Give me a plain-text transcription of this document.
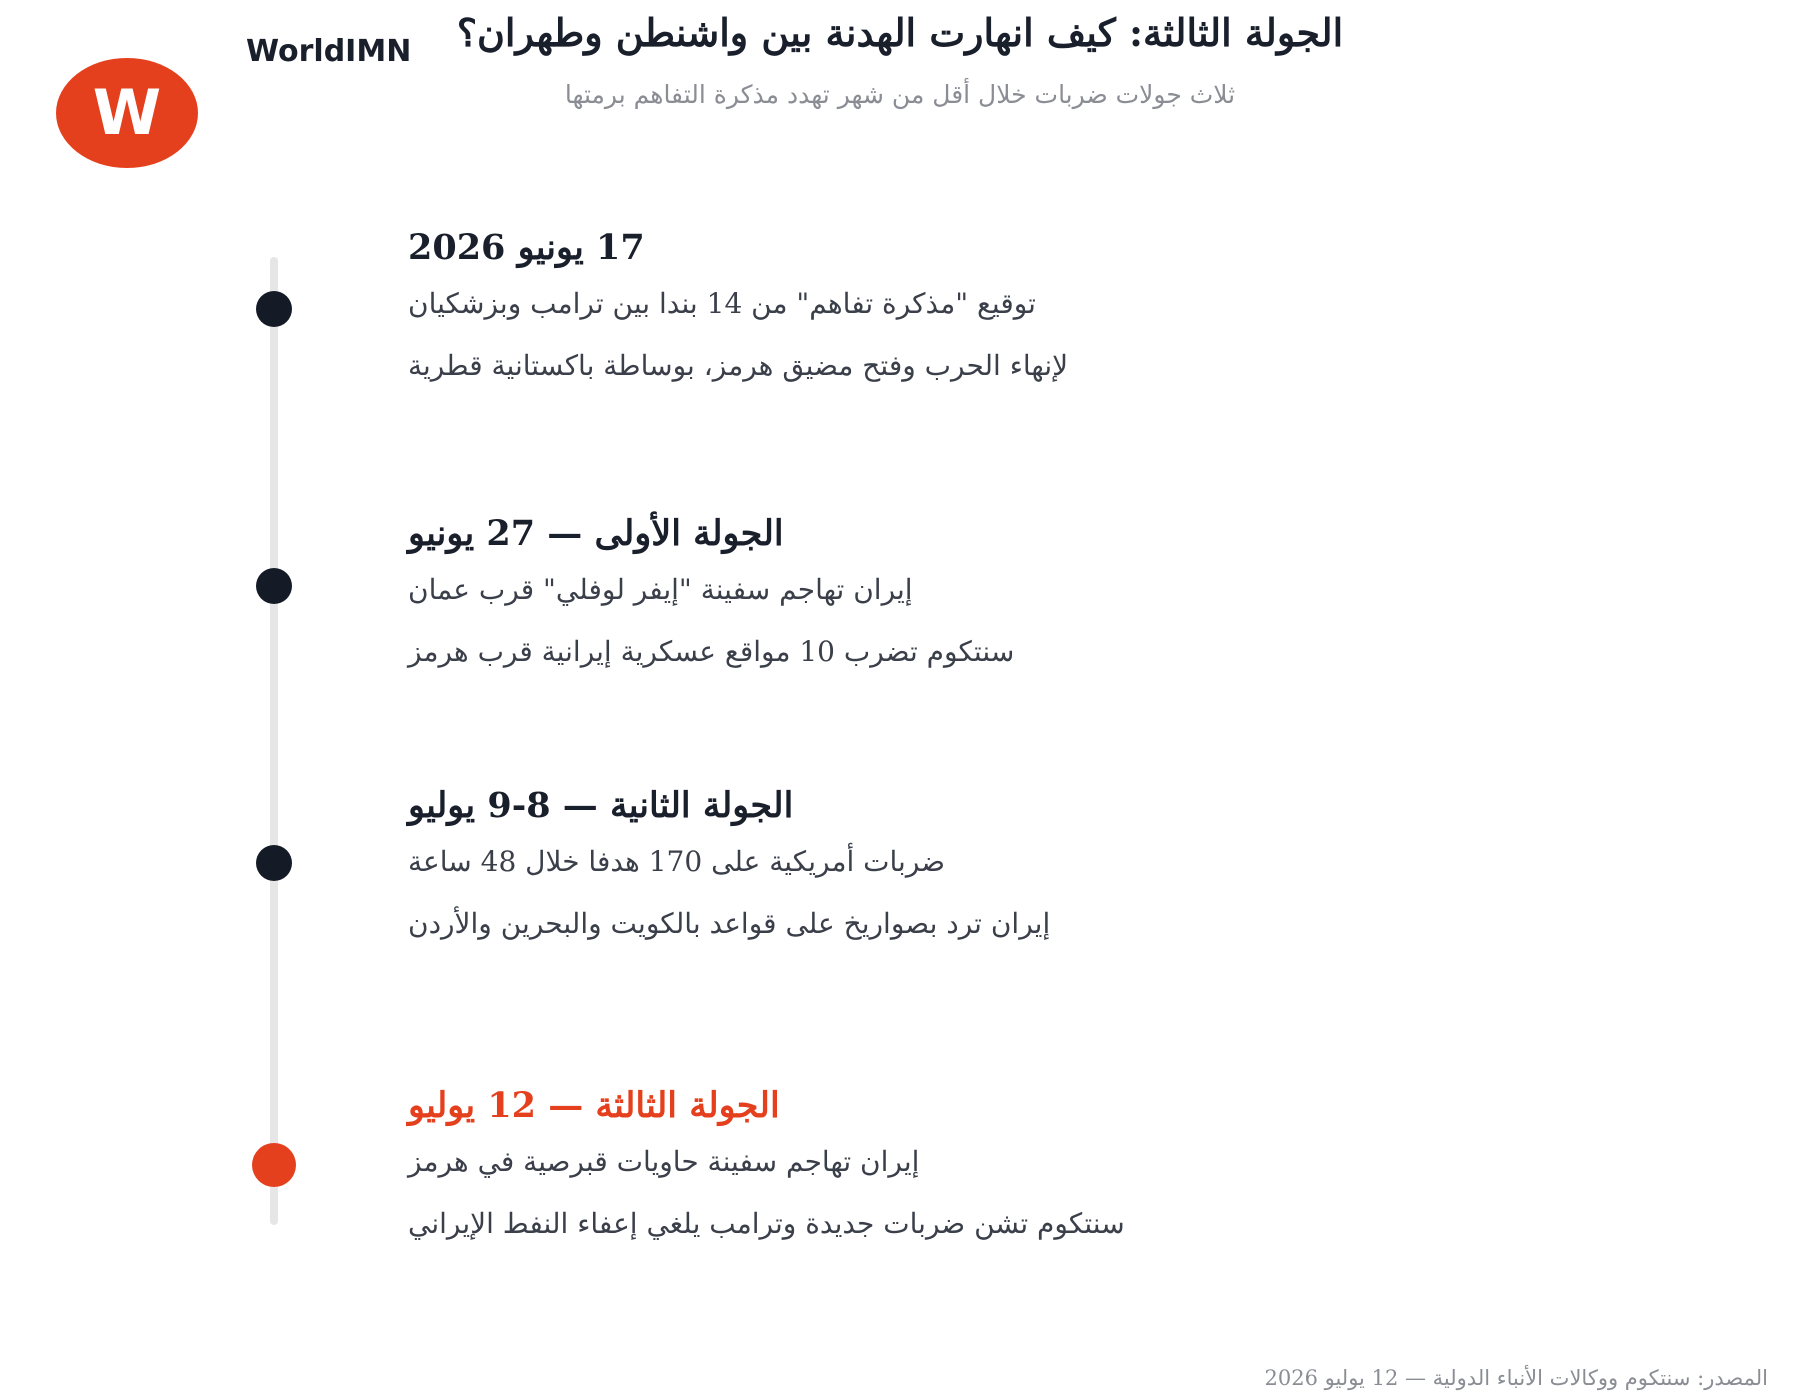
W
WorldIMN	الجولة الثالثة: كيف انهارت الهدنة بين واشنطن وطهران؟
ثلاث جولات ضربات خلال أقل من شهر تهدد مذكرة التفاهم برمتها
17 يونيو 2026
توقيع "مذكرة تفاهم" من 14 بندا بين ترامب وبزشكيان
لإنهاء الحرب وفتح مضيق هرمز، بوساطة باكستانية قطرية
الجولة الأولى — 27 يونيو
إيران تهاجم سفينة "إيفر لوفلي" قرب عمان
سنتكوم تضرب 10 مواقع عسكرية إيرانية قرب هرمز
الجولة الثانية — 8-9 يوليو
ضربات أمريكية على 170 هدفا خلال 48 ساعة
إيران ترد بصواريخ على قواعد بالكويت والبحرين والأردن
الجولة الثالثة — 12 يوليو
إيران تهاجم سفينة حاويات قبرصية في هرمز
سنتكوم تشن ضربات جديدة وترامب يلغي إعفاء النفط الإيراني
المصدر: سنتكوم ووكالات الأنباء الدولية — 12 يوليو 2026
